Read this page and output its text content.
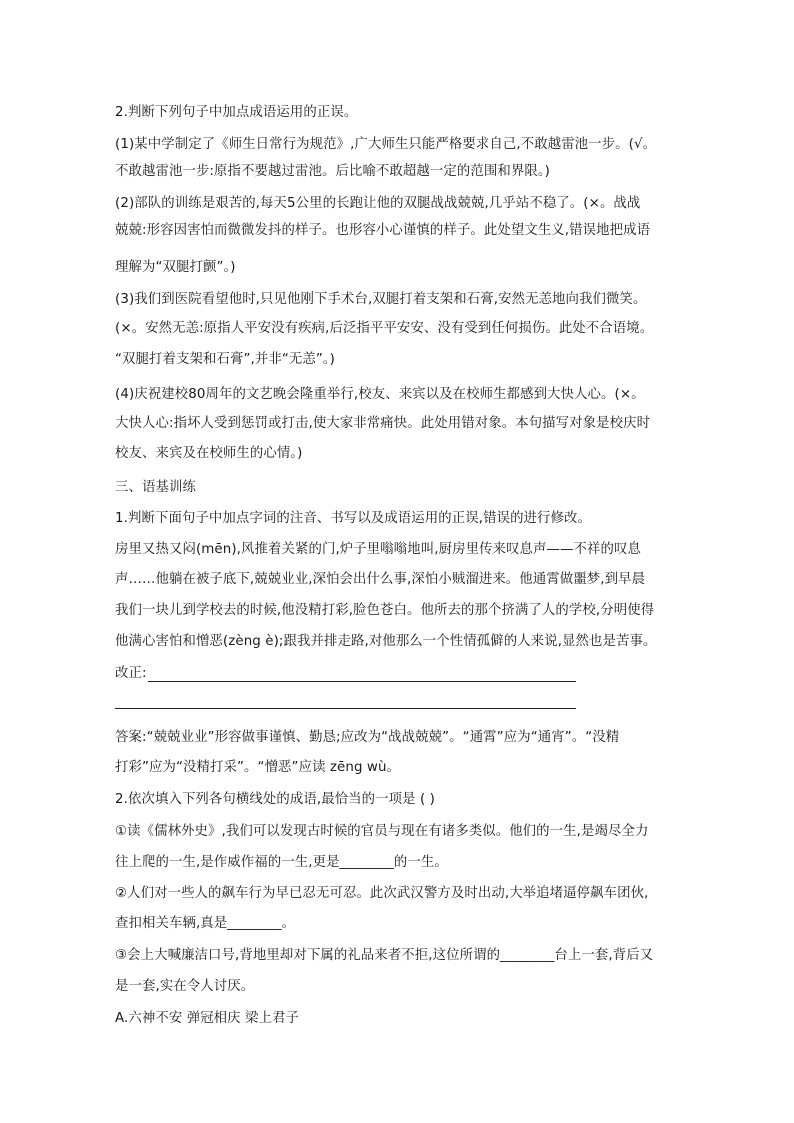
2.判断下列句子中加点成语运用的正误。
(1)某中学制定了《师生日常行为规范》,广大师生只能严格要求自己,不敢越雷池一步。(√。
不敢越雷池一步:原指不要越过雷池。后比喻不敢超越一定的范围和界限。)
(2)部队的训练是艰苦的,每天5公里的长跑让他的双腿战战兢兢,几乎站不稳了。(×。战战
兢兢:形容因害怕而微微发抖的样子。也形容小心谨慎的样子。此处望文生义,错误地把成语
理解为“双腿打颤”。)
(3)我们到医院看望他时,只见他刚下手术台,双腿打着支架和石膏,安然无恙地向我们微笑。
(×。安然无恙:原指人平安没有疾病,后泛指平平安安、没有受到任何损伤。此处不合语境。
“双腿打着支架和石膏”,并非“无恙”。)
(4)庆祝建校80周年的文艺晚会隆重举行,校友、来宾以及在校师生都感到大快人心。(×。
大快人心:指坏人受到惩罚或打击,使大家非常痛快。此处用错对象。本句描写对象是校庆时
校友、来宾及在校师生的心情。)
三、语基训练
1.判断下面句子中加点字词的注音、书写以及成语运用的正误,错误的进行修改。
房里又热又闷(mēn),风推着关紧的门,炉子里嗡嗡地叫,厨房里传来叹息声——不祥的叹息
声……他躺在被子底下,兢兢业业,深怕会出什么事,深怕小贼溜进来。他通霄做噩梦,到早晨
我们一块儿到学校去的时候,他没精打彩,脸色苍白。他所去的那个挤满了人的学校,分明使得
他满心害怕和憎恶(zèng è);跟我并排走路,对他那么一个性情孤僻的人来说,显然也是苦事。
改正:
答案:“兢兢业业”形容做事谨慎、勤恳;应改为“战战兢兢”。“通霄”应为“通宵”。“没精
打彩”应为“没精打采”。“憎恶”应读 zēng wù。
2.依次填入下列各句横线处的成语,最恰当的一项是 ( )
①读《儒林外史》,我们可以发现古时候的官员与现在有诸多类似。他们的一生,是竭尽全力
往上爬的一生,是作威作福的一生,更是________的一生。
②人们对一些人的飙车行为早已忍无可忍。此次武汉警方及时出动,大举追堵逼停飙车团伙,
查扣相关车辆,真是________。
③会上大喊廉洁口号,背地里却对下属的礼品来者不拒,这位所谓的________台上一套,背后又
是一套,实在令人讨厌。
A.六神不安 弹冠相庆 梁上君子
